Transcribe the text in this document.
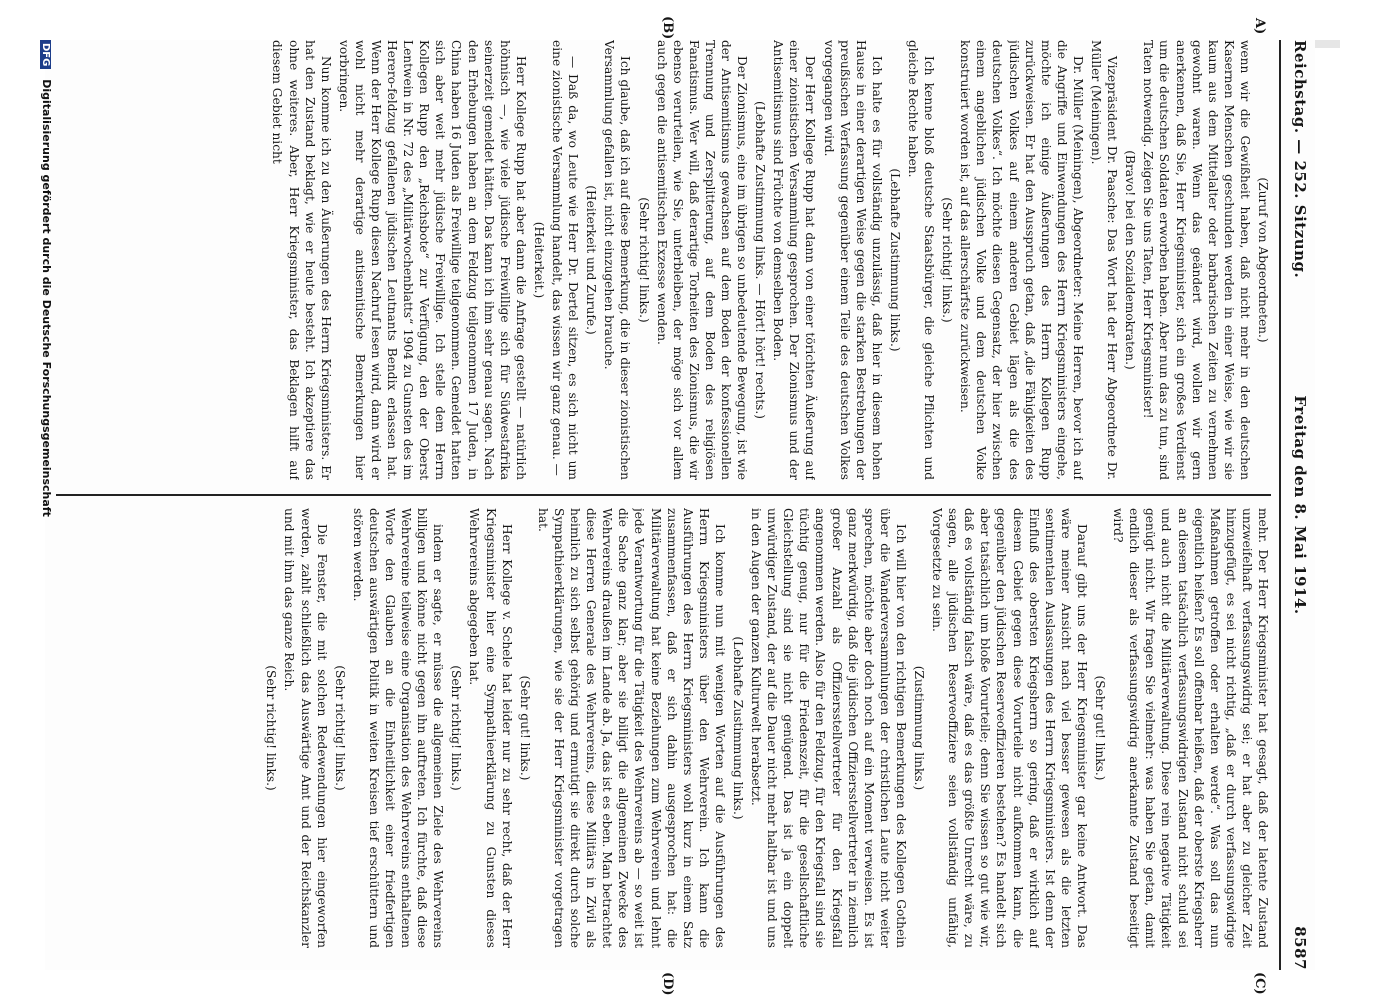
Reichstag. — 252. Sitzung.
Freitag den 8. Mai 1914.
8587
A)
(B)
(C)
(D)

(Zuruf von Abgeordneten.)

wenn wir die Gewißheit haben, daß nicht mehr in den deutschen Kasernen Menschen geschunden werden in einer Weise, wie wir sie kaum aus dem Mittelalter oder barbarischen Zeiten zu vernehmen gewohnt waren. Wenn das geändert wird, wollen wir gern anerkennen, daß Sie, Herr Kriegsminister, sich ein großes Verdienst um die deutschen Soldaten erworben haben. Aber nun das zu tun, sind Taten notwendig. Zeigen Sie uns Taten, Herr Kriegsminister!

(Bravo! bei den Sozialdemokraten.)

Vizepräsident Dr. Paasche: Das Wort hat der Herr Abgeordnete Dr. Müller (Meiningen).

Dr. Müller (Meiningen), Abgeordneter: Meine Herren, bevor ich auf die Angriffe und Einwendungen des Herrn Kriegsministers eingehe, möchte ich einige Äußerungen des Herrn Kollegen Rupp zurückweisen. Er hat den Ausspruch getan, daß „die Fähigkeiten des jüdischen Volkes auf einem anderen Gebiet lägen als die des deutschen Volkes“. Ich möchte diesen Gegensatz, der hier zwischen einem angeblichen jüdischen Volke und dem deutschen Volke konstruiert worden ist, auf das allerschärfste zurückweisen.

(Sehr richtig! links.)

Ich kenne bloß deutsche Staatsbürger, die gleiche Pflichten und gleiche Rechte haben.

(Lebhafte Zustimmung links.)

Ich halte es für vollständig unzulässig, daß hier in diesem hohen Hause in einer derartigen Weise gegen die starken Bestrebungen der preußischen Verfassung gegenüber einem Teile des deutschen Volkes vorgegangen wird.

Der Herr Kollege Rupp hat dann von einer törichten Äußerung auf einer zionistischen Versammlung gesprochen. Der Zionismus und der Antisemitismus sind Früchte von demselben Boden.

(Lebhafte Zustimmung links. — Hört! hört! rechts.)

Der Zionismus, eine im übrigen so unbedeutende Bewegung, ist wie der Antisemitismus gewachsen auf dem Boden der konfessionellen Trennung und Zersplitterung, auf dem Boden des religiösen Fanatismus. Wer will, daß derartige Torheiten des Zionismus, die wir ebenso verurteilen, wie Sie, unterbleiben, der möge sich vor allem auch gegen die antisemitischen Exzesse wenden.

(Sehr richtig! links.)

Ich glaube, daß ich auf diese Bemerkung, die in dieser zionistischen Versammlung gefallen ist, nicht einzugehen brauche.

(Heiterkeit und Zurufe.)

— Daß da, wo Leute wie Herr Dr. Dertel sitzen, es sich nicht um eine zionistische Versammlung handelt, das wissen wir ganz genau. —

(Heiterkeit.)

Herr Kollege Rupp hat aber dann die Anfrage gestellt — natürlich höhnisch —, wie viele jüdische Freiwillige sich für Südwestafrika seinerzeit gemeldet hätten. Das kann ich ihm sehr genau sagen. Nach den Erhebungen haben an dem Feldzug teilgenommen 17 Juden, in China haben 16 Juden als Freiwillige teilgenommen. Gemeldet hatten sich aber weit mehr jüdische Freiwillige. Ich stelle dem Herrn Kollegen Rupp den „Reichsbote“ zur Verfügung, den der Oberst Lentwein in Nr. 72 des „Militärwochenblatts“ 1904 zu Gunsten des im Herero-feldzug gefallenen jüdischen Leutnants Bendix erlassen hat. Wenn der Herr Kollege Rupp diesen Nachruf lesen wird, dann wird er wohl nicht mehr derartige antisemitische Bemerkungen hier vorbringen.

Nun komme ich zu den Äußerungen des Herrn Kriegsministers. Er hat den Zustand beklagt, wie er heute besteht. Ich akzeptiere das ohne weiteres. Aber, Herr Kriegsminister, das Beklagen hilft auf diesem Gebiet nicht

mehr. Der Herr Kriegsminister hat gesagt, daß der latente Zustand unzweifelhaft verfassungswidrig sei; er hat aber zu gleicher Zeit hinzugefügt, es sei nicht richtig, „daß er durch verfassungswidrige Maßnahmen getroffen oder erhalten werde“. Was soll das nun eigentlich heißen? Es soll offenbar heißen, daß der oberste Kriegsherr an diesem tatsächlich verfassungswidrigen Zustand nicht schuld sei und auch nicht die Militärverwaltung. Diese rein negative Tätigkeit genügt nicht. Wir fragen Sie vielmehr: was haben Sie getan, damit endlich dieser als verfassungswidrig anerkannte Zustand beseitigt wird?

(Sehr gut! links.)

Darauf gibt uns der Herr Kriegsminister gar keine Antwort. Das wäre meiner Ansicht nach viel besser gewesen als die letzten sentimentalen Auslassungen des Herrn Kriegsministers. Ist denn der Einfluß des obersten Kriegsherrn so gering, daß er wirklich auf diesem Gebiet gegen diese Vorurteile nicht aufkommen kann, die gegenüber den jüdischen Reserveoffizieren bestehen? Es handelt sich aber tatsächlich um bloße Vorurteile; denn Sie wissen so gut wie wir, daß es vollständig falsch wäre, daß es das größte Unrecht wäre, zu sagen, alle jüdischen Reserveoffiziere seien vollständig unfähig, Vorgesetzte zu sein.

(Zustimmung links.)

Ich will hier von den richtigen Bemerkungen des Kollegen Gothein über die Wanderversammlungen der christlichen Laute nicht weiter sprechen, möchte aber doch noch auf ein Moment verweisen. Es ist ganz merkwürdig, daß die jüdischen Offiziersstellvertreter in ziemlich großer Anzahl als Offiziersstellvertreter für den Kriegsfall angenommen werden. Also für den Feldzug, für den Kriegsfall sind sie tüchtig genug, nur für die Friedenszeit, für die gesellschaftliche Gleichstellung sind sie nicht genügend. Das ist ja ein doppelt unwürdiger Zustand, der auf die Dauer nicht mehr haltbar ist und uns in den Augen der ganzen Kulturwelt herabsetzt.

(Lebhafte Zustimmung links.)

Ich komme nun mit wenigen Worten auf die Ausführungen des Herrn Kriegsministers über den Wehrverein. Ich kann die Ausführungen des Herrn Kriegsministers wohl kurz in einem Satz zusammenfassen, daß er sich dahin ausgesprochen hat: die Militärverwaltung hat keine Beziehungen zum Wehrverein und lehnt jede Verantwortung für die Tätigkeit des Wehrvereins ab — so weit ist die Sache ganz klar; aber sie billigt die allgemeinen Zwecke des Wehrvereins draußen im Lande ab. Ja, das ist es eben. Man betrachtet diese Herren Generale des Wehrvereins, diese Militärs in Zivil als heimlich zu sich selbst gehörig und ermutigt sie direkt durch solche Sympathieerklärungen, wie sie der Herr Kriegsminister vorgetragen hat.

(Sehr gut! links.)

Herr Kollege v. Schele hat leider nur zu sehr recht, daß der Herr Kriegsminister hier eine Sympathieerklärung zu Gunsten dieses Wehrvereins abgegeben hat.

(Sehr richtig! links.)

indem er sagte, er müsse die allgemeinen Ziele des Wehrvereins billigen und könne nicht gegen ihn auftreten. Ich fürchte, daß diese Wehrvereine teilweise eine Organisation des Wehrvereins enthaltenen Worte den Glauben an die Einheitlichkeit einer friedfertigen deutschen auswärtigen Politik in weiten Kreisen tief erschüttern und stören werden.

(Sehr richtig! links.)

Die Fenster, die mit solchen Redewendungen hier eingeworfen werden, zahlt schließlich das Auswärtige Amt und der Reichskanzler und mit ihm das ganze Reich.

(Sehr richtig! links.)

DFG Digitalisierung gefördert durch die Deutsche Forschungsgemeinschaft
